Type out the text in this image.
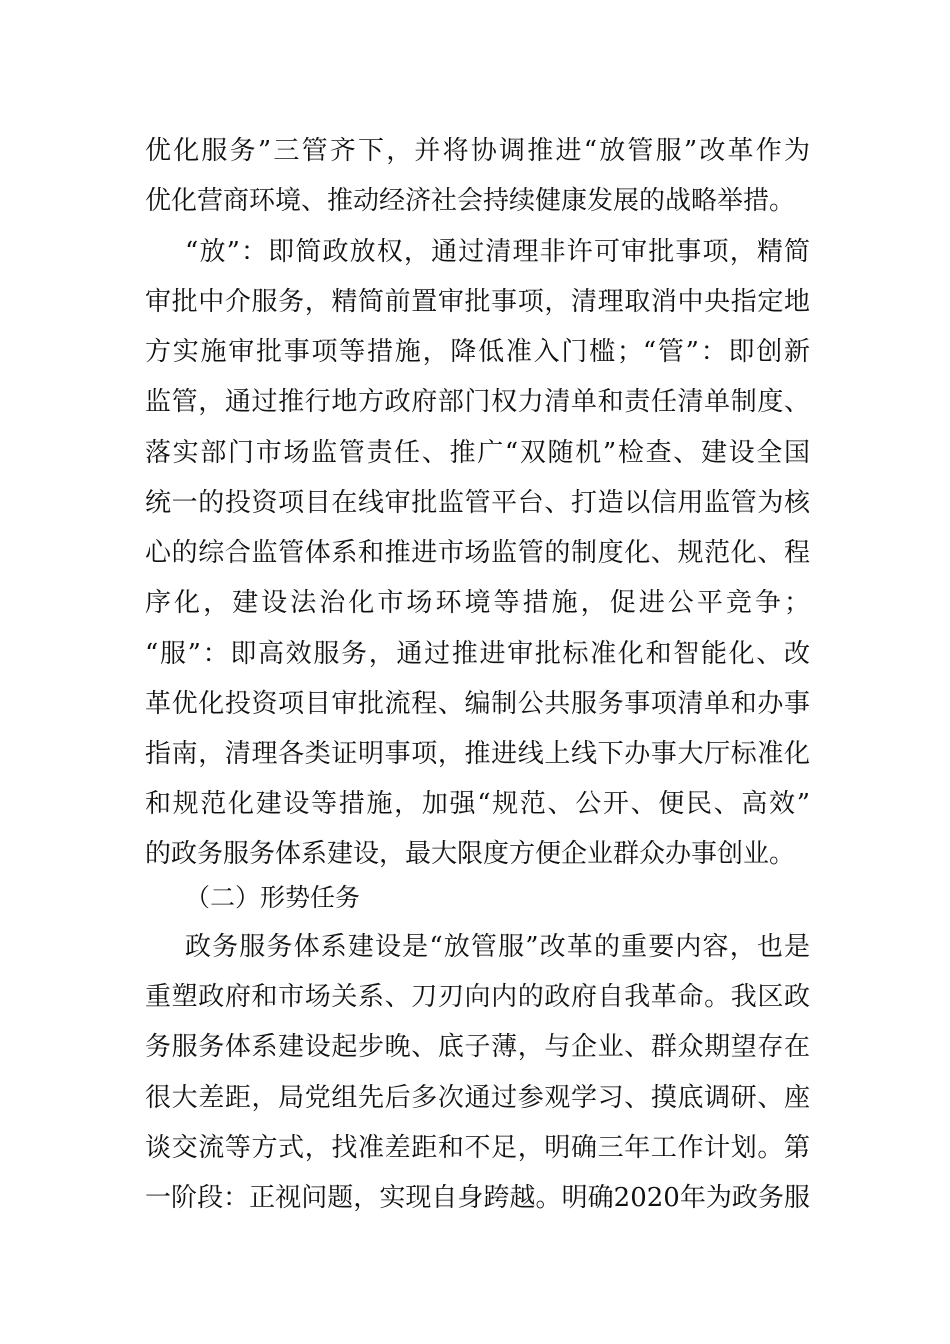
优化服务”三管齐下，并将协调推进“放管服”改革作为
优化营商环境、推动经济社会持续健康发展的战略举措。
“放”：即简政放权，通过清理非许可审批事项，精简
审批中介服务，精简前置审批事项，清理取消中央指定地
方实施审批事项等措施，降低准入门槛；“管”：即创新
监管，通过推行地方政府部门权力清单和责任清单制度、
落实部门市场监管责任、推广“双随机”检查、建设全国
统一的投资项目在线审批监管平台、打造以信用监管为核
心的综合监管体系和推进市场监管的制度化、规范化、程
序化，建设法治化市场环境等措施，促进公平竞争；
“服”：即高效服务，通过推进审批标准化和智能化、改
革优化投资项目审批流程、编制公共服务事项清单和办事
指南，清理各类证明事项，推进线上线下办事大厅标准化
和规范化建设等措施，加强“规范、公开、便民、高效”
的政务服务体系建设，最大限度方便企业群众办事创业。
（二）形势任务
政务服务体系建设是“放管服”改革的重要内容，也是
重塑政府和市场关系、刀刃向内的政府自我革命。我区政
务服务体系建设起步晚、底子薄，与企业、群众期望存在
很大差距，局党组先后多次通过参观学习、摸底调研、座
谈交流等方式，找准差距和不足，明确三年工作计划。第
一阶段：正视问题，实现自身跨越。明确2020年为政务服
